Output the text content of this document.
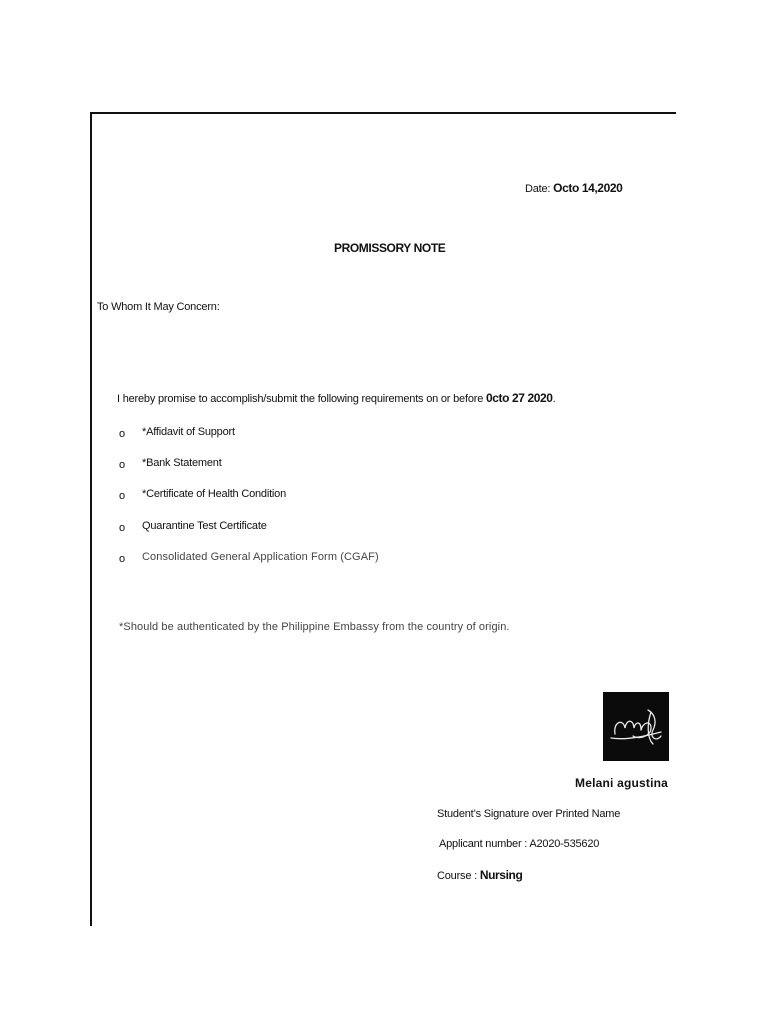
Date: Octo 14,2020
PROMISSORY NOTE
To Whom It May Concern:
I hereby promise to accomplish/submit the following requirements on or before 0cto 27 2020.
o *Affidavit of Support
o *Bank Statement
o *Certificate of Health Condition
o Quarantine Test Certificate
o Consolidated General Application Form (CGAF)
*Should be authenticated by the Philippine Embassy from the country of origin.
Melani agustina
Student’s Signature over Printed Name
Applicant number : A2020-535620
Course : Nursing
